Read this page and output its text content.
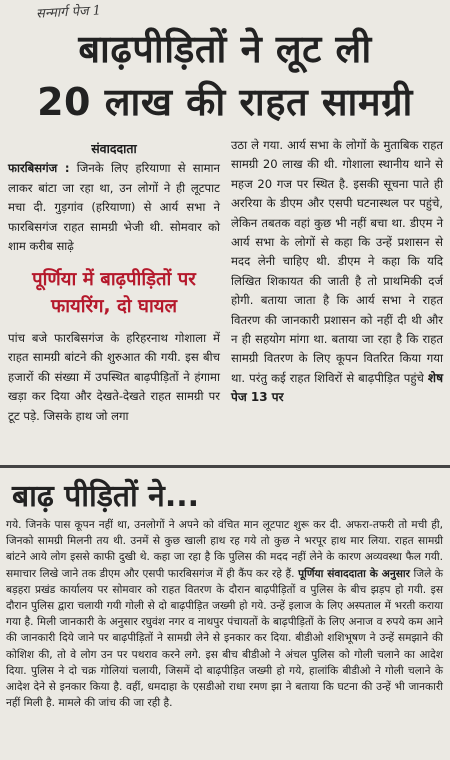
सन्मार्ग पेज 1
बाढ़पीड़ितों ने लूट ली
20 लाख की राहत सामग्री
संवाददाता
फारबिसगंज : जिनके लिए हरियाणा से सामान लाकर बांटा जा रहा था, उन लोगों ने ही लूटपाट मचा दी. गुड़गांव (हरियाणा) से आर्य सभा ने फारबिसगंज राहत सामग्री भेजी थी. सोमवार को शाम करीब साढ़े
पूर्णिया में बाढ़पीड़ितों पर फायरिंग, दो घायल
पांच बजे फारबिसगंज के हरिहरनाथ गोशाला में राहत सामग्री बांटने की शुरुआत की गयी. इस बीच हजारों की संख्या में उपस्थित बाढ़पीड़ितों ने हंगामा खड़ा कर दिया और देखते-देखते राहत सामग्री पर टूट पड़े. जिसके हाथ जो लगा
उठा ले गया. आर्य सभा के लोगों के मुताबिक राहत सामग्री 20 लाख की थी. गोशाला स्थानीय थाने से महज 20 गज पर स्थित है. इसकी सूचना पाते ही अररिया के डीएम और एसपी घटनास्थल पर पहुंचे, लेकिन तबतक वहां कुछ भी नहीं बचा था. डीएम ने आर्य सभा के लोगों से कहा कि उन्हें प्रशासन से मदद लेनी चाहिए थी. डीएम ने कहा कि यदि लिखित शिकायत की जाती है तो प्राथमिकी दर्ज होगी. बताया जाता है कि आर्य सभा ने राहत वितरण की जानकारी प्रशासन को नहीं दी थी और न ही सहयोग मांगा था. बताया जा रहा है कि राहत सामग्री वितरण के लिए कूपन वितरित किया गया था. परंतु कई राहत शिविरों से बाढ़पीड़ित पहुंचे शेष पेज 13 पर
बाढ़ पीड़ितों ने...
गये. जिनके पास कूपन नहीं था, उनलोगों ने अपने को वंचित मान लूटपाट शुरू कर दी. अफरा-तफरी तो मची ही, जिनको सामग्री मिलनी तय थी. उनमें से कुछ खाली हाथ रह गये तो कुछ ने भरपूर हाथ मार लिया. राहत सामग्री बांटने आये लोग इससे काफी दुखी थे. कहा जा रहा है कि पुलिस की मदद नहीं लेने के कारण अव्यवस्था फैल गयी. समाचार लिखे जाने तक डीएम और एसपी फारबिसगंज में ही कैंप कर रहे हैं. पूर्णिया संवाददाता के अनुसार जिले के बड़हरा प्रखंड कार्यालय पर सोमवार को राहत वितरण के दौरान बाढ़पीड़ितों व पुलिस के बीच झड़प हो गयी. इस दौरान पुलिस द्वारा चलायी गयी गोली से दो बाढ़पीड़ित जख्मी हो गये. उन्हें इलाज के लिए अस्पताल में भरती कराया गया है. मिली जानकारी के अनुसार रघुवंश नगर व नाथपुर पंचायतों के बाढ़पीड़ितों के लिए अनाज व रुपये कम आने की जानकारी दिये जाने पर बाढ़पीड़ितों ने सामग्री लेने से इनकार कर दिया. बीडीओ शशिभूषण ने उन्हें समझाने की कोशिश की, तो वे लोग उन पर पथराव करने लगे. इस बीच बीडीओ ने अंचल पुलिस को गोली चलाने का आदेश दिया. पुलिस ने दो चक्र गोलियां चलायी, जिसमें दो बाढ़पीड़ित जख्मी हो गये, हालांकि बीडीओ ने गोली चलाने के आदेश देने से इनकार किया है. वहीं, धमदाहा के एसडीओ राधा रमण झा ने बताया कि घटना की उन्हें भी जानकारी नहीं मिली है. मामले की जांच की जा रही है.
